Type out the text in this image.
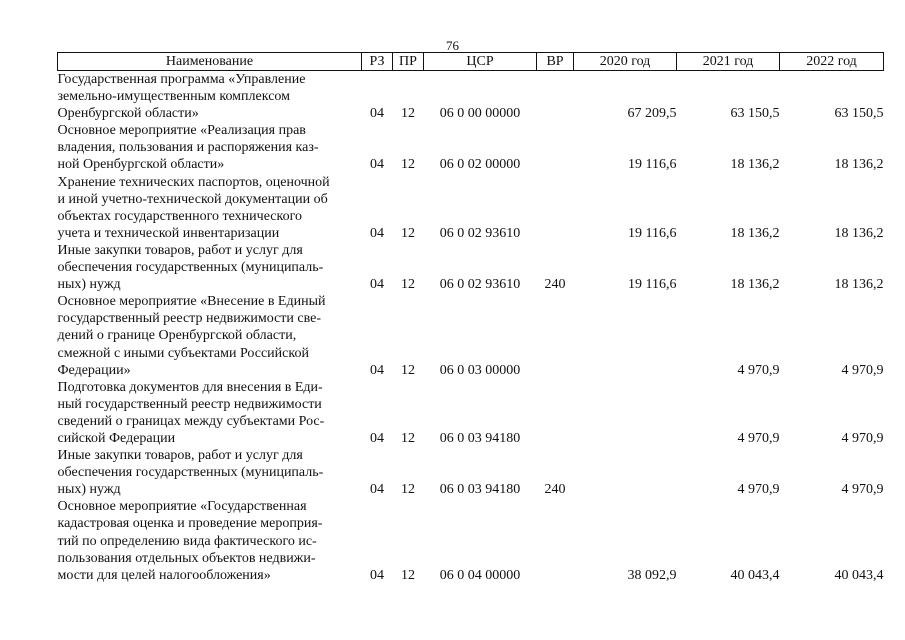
76
Наименование	РЗ	ПР	ЦСР	ВР	2020 год	2021 год	2022 год

Государственная программа «Управление
земельно-имущественным комплексом
Оренбургской области»	04	12	06 0 00 00000		67 209,5	63 150,5	63 150,5

Основное мероприятие «Реализация прав
владения, пользования и распоряжения каз-
ной Оренбургской области»	04	12	06 0 02 00000		19 116,6	18 136,2	18 136,2

Хранение технических паспортов, оценочной
и иной учетно-технической документации об
объектах государственного технического
учета и технической инвентаризации	04	12	06 0 02 93610		19 116,6	18 136,2	18 136,2

Иные закупки товаров, работ и услуг для
обеспечения государственных (муниципаль-
ных) нужд	04	12	06 0 02 93610	240	19 116,6	18 136,2	18 136,2

Основное мероприятие «Внесение в Единый
государственный реестр недвижимости све-
дений о границе Оренбургской области,
смежной с иными субъектами Российской
Федерации»	04	12	06 0 03 00000			4 970,9	4 970,9

Подготовка документов для внесения в Еди-
ный государственный реестр недвижимости
сведений о границах между субъектами Рос-
сийской Федерации	04	12	06 0 03 94180			4 970,9	4 970,9

Иные закупки товаров, работ и услуг для
обеспечения государственных (муниципаль-
ных) нужд	04	12	06 0 03 94180	240		4 970,9	4 970,9

Основное мероприятие «Государственная
кадастровая оценка и проведение мероприя-
тий по определению вида фактического ис-
пользования отдельных объектов недвижи-
мости для целей налогообложения»	04	12	06 0 04 00000		38 092,9	40 043,4	40 043,4
